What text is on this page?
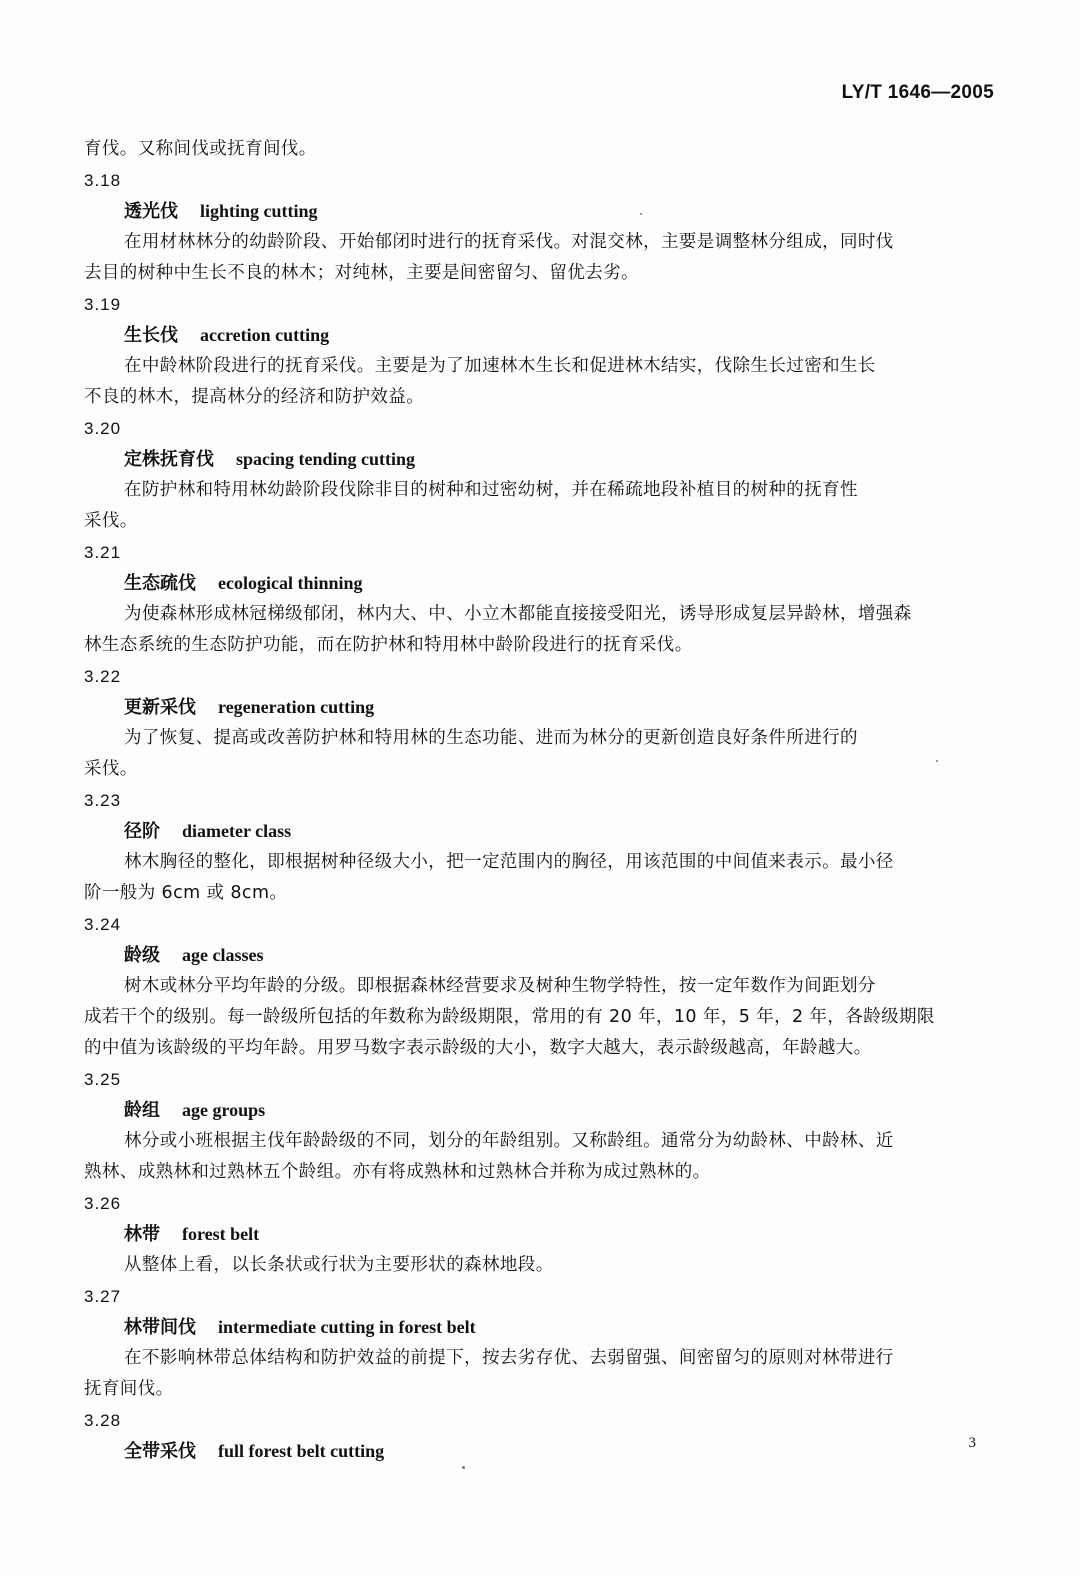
LY/T 1646—2005
育伐。又称间伐或抚育间伐。
3.18
透光伐 lighting cutting
在用材林林分的幼龄阶段、开始郁闭时进行的抚育采伐。对混交林，主要是调整林分组成，同时伐
去目的树种中生长不良的林木；对纯林，主要是间密留匀、留优去劣。
3.19
生长伐 accretion cutting
在中龄林阶段进行的抚育采伐。主要是为了加速林木生长和促进林木结实，伐除生长过密和生长
不良的林木，提高林分的经济和防护效益。
3.20
定株抚育伐 spacing tending cutting
在防护林和特用林幼龄阶段伐除非目的树种和过密幼树，并在稀疏地段补植目的树种的抚育性
采伐。
3.21
生态疏伐 ecological thinning
为使森林形成林冠梯级郁闭，林内大、中、小立木都能直接接受阳光，诱导形成复层异龄林，增强森
林生态系统的生态防护功能，而在防护林和特用林中龄阶段进行的抚育采伐。
3.22
更新采伐 regeneration cutting
为了恢复、提高或改善防护林和特用林的生态功能、进而为林分的更新创造良好条件所进行的
采伐。
3.23
径阶 diameter class
林木胸径的整化，即根据树种径级大小，把一定范围内的胸径，用该范围的中间值来表示。最小径
阶一般为 6cm 或 8cm。
3.24
龄级 age classes
树木或林分平均年龄的分级。即根据森林经营要求及树种生物学特性，按一定年数作为间距划分
成若干个的级别。每一龄级所包括的年数称为龄级期限，常用的有 20 年，10 年，5 年，2 年，各龄级期限
的中值为该龄级的平均年龄。用罗马数字表示龄级的大小，数字大越大，表示龄级越高，年龄越大。
3.25
龄组 age groups
林分或小班根据主伐年龄龄级的不同，划分的年龄组别。又称龄组。通常分为幼龄林、中龄林、近
熟林、成熟林和过熟林五个龄组。亦有将成熟林和过熟林合并称为成过熟林的。
3.26
林带 forest belt
从整体上看，以长条状或行状为主要形状的森林地段。
3.27
林带间伐 intermediate cutting in forest belt
在不影响林带总体结构和防护效益的前提下，按去劣存优、去弱留强、间密留匀的原则对林带进行
抚育间伐。
3.28
全带采伐 full forest belt cutting	3
